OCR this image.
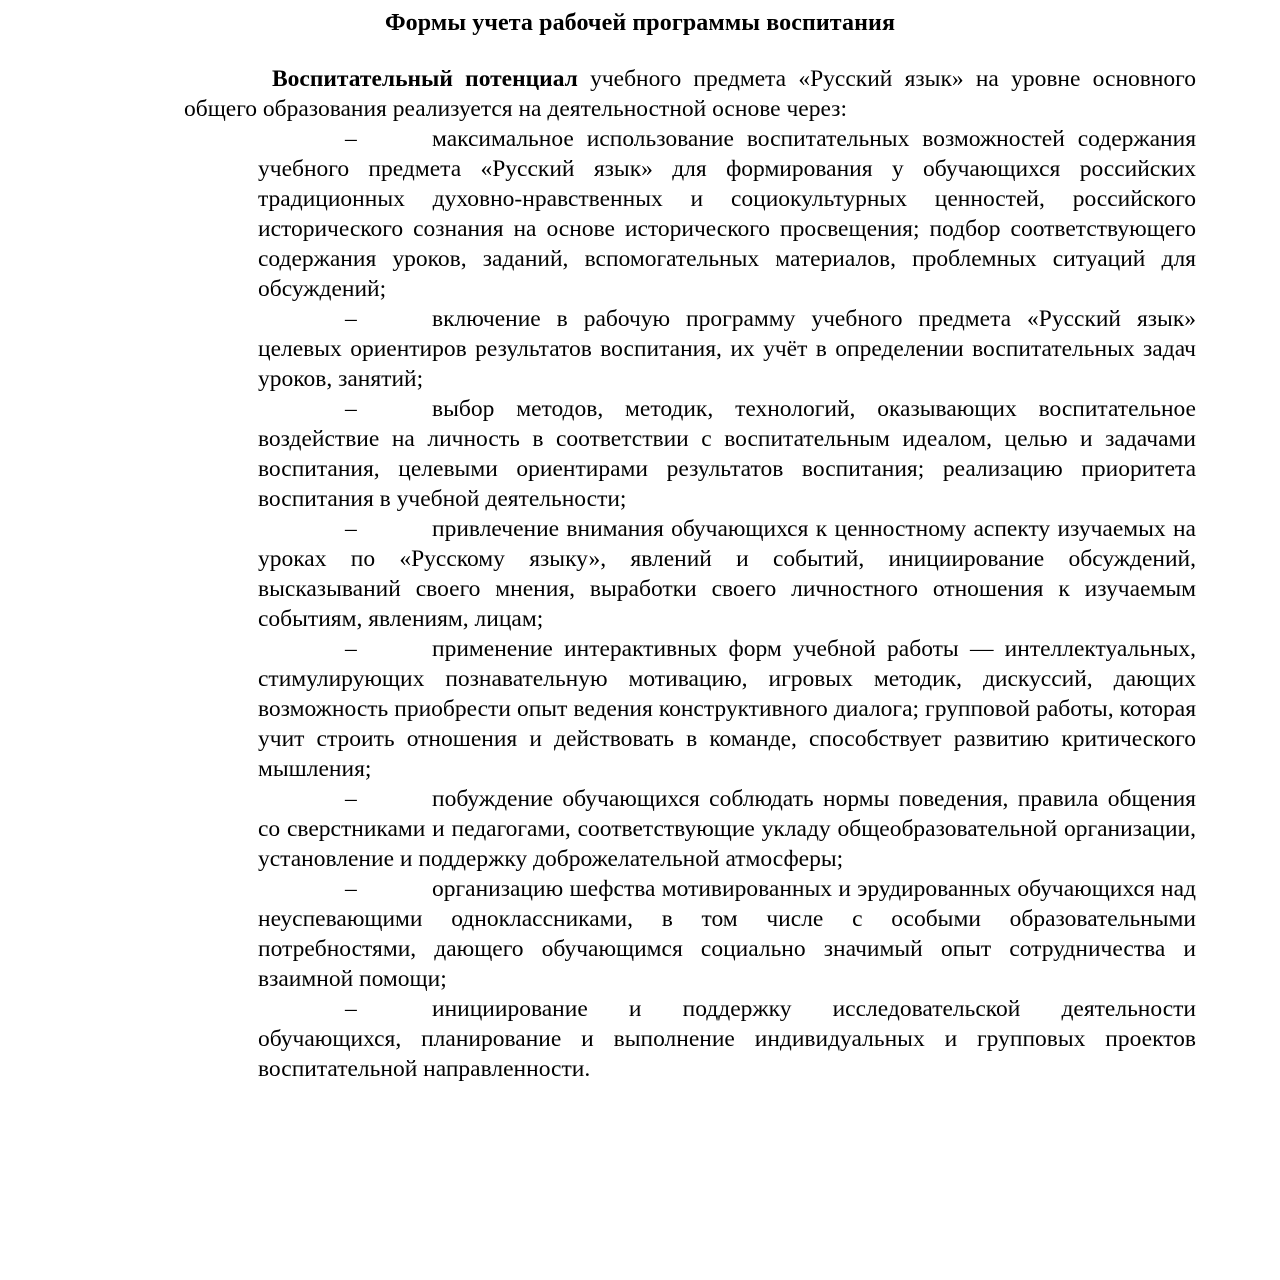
Формы учета рабочей программы воспитания

Воспитательный потенциал учебного предмета «Русский язык» на уровне основного общего образования реализуется на деятельностной основе через:

–	максимальное использование воспитательных возможностей содержания учебного предмета «Русский язык» для формирования у обучающихся российских традиционных духовно-нравственных и социокультурных ценностей, российского исторического сознания на основе исторического просвещения; подбор соответствующего содержания уроков, заданий, вспомогательных материалов, проблемных ситуаций для обсуждений;

–	включение в рабочую программу учебного предмета «Русский язык» целевых ориентиров результатов воспитания, их учёт в определении воспитательных задач уроков, занятий;

–	выбор методов, методик, технологий, оказывающих воспитательное воздействие на личность в соответствии с воспитательным идеалом, целью и задачами воспитания, целевыми ориентирами результатов воспитания; реализацию приоритета воспитания в учебной деятельности;

–	привлечение внимания обучающихся к ценностному аспекту изучаемых на уроках по «Русскому языку», явлений и событий, инициирование обсуждений, высказываний своего мнения, выработки своего личностного отношения к изучаемым событиям, явлениям, лицам;

–	применение интерактивных форм учебной работы — интеллектуальных, стимулирующих познавательную мотивацию, игровых методик, дискуссий, дающих возможность приобрести опыт ведения конструктивного диалога; групповой работы, которая учит строить отношения и действовать в команде, способствует развитию критического мышления;

–	побуждение обучающихся соблюдать нормы поведения, правила общения со сверстниками и педагогами, соответствующие укладу общеобразовательной организации, установление и поддержку доброжелательной атмосферы;

–	организацию шефства мотивированных и эрудированных обучающихся над неуспевающими одноклассниками, в том числе с особыми образовательными потребностями, дающего обучающимся социально значимый опыт сотрудничества и взаимной помощи;

–	инициирование и поддержку исследовательской деятельности обучающихся, планирование и выполнение индивидуальных и групповых проектов воспитательной направленности.
